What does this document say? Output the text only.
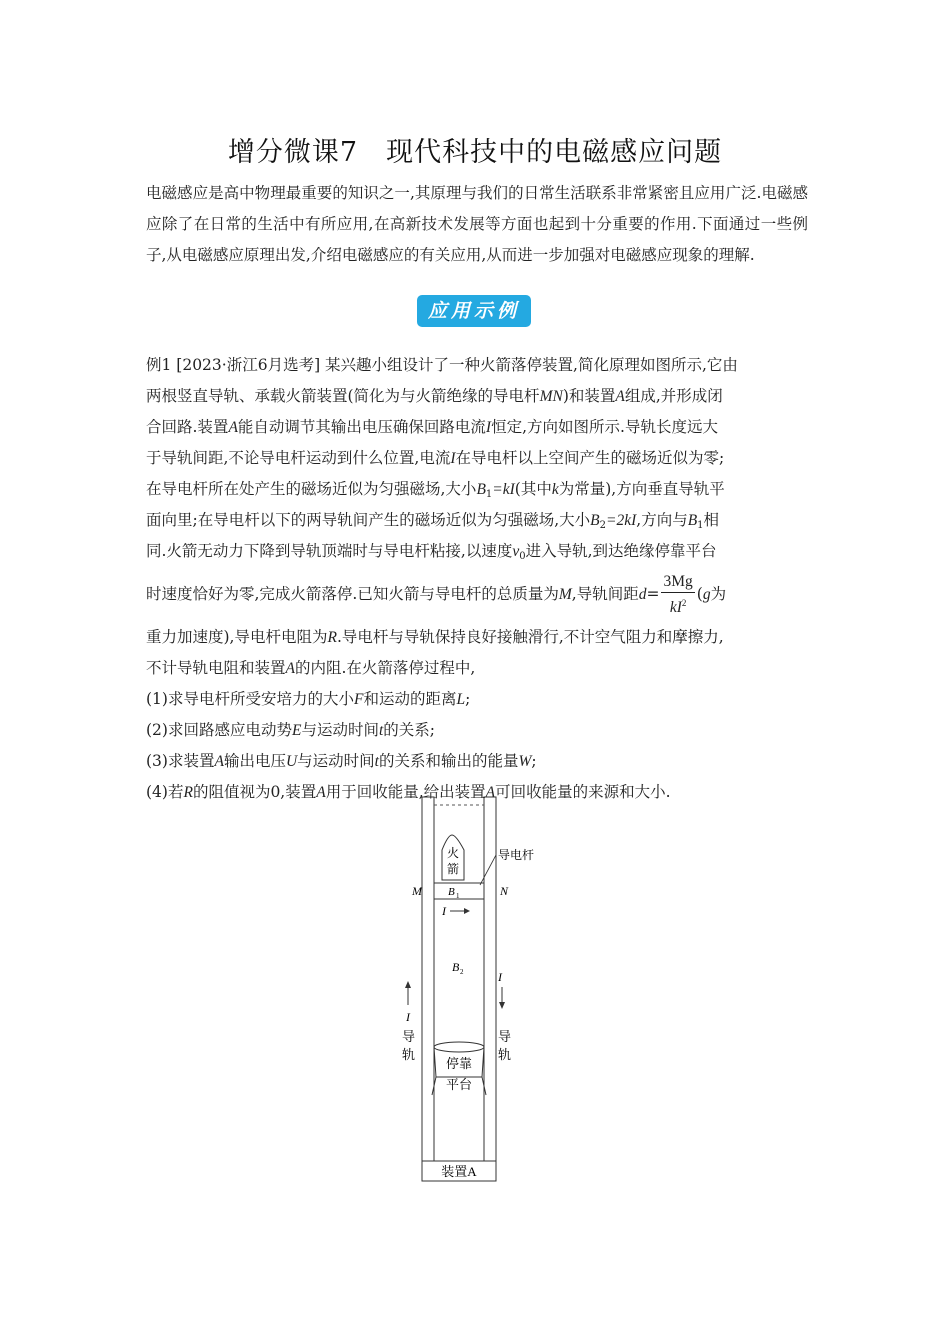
增分微课7　现代科技中的电磁感应问题
电磁感应是高中物理最重要的知识之一,其原理与我们的日常生活联系非常紧密且应用广泛.电磁感应除了在日常的生活中有所应用,在高新技术发展等方面也起到十分重要的作用.下面通过一些例子,从电磁感应原理出发,介绍电磁感应的有关应用,从而进一步加强对电磁感应现象的理解.
应用示例
例1 [2023·浙江6月选考] 某兴趣小组设计了一种火箭落停装置,简化原理如图所示,它由
两根竖直导轨、承载火箭装置(简化为与火箭绝缘的导电杆MN)和装置A组成,并形成闭
合回路.装置A能自动调节其输出电压确保回路电流I恒定,方向如图所示.导轨长度远大
于导轨间距,不论导电杆运动到什么位置,电流I在导电杆以上空间产生的磁场近似为零;
在导电杆所在处产生的磁场近似为匀强磁场,大小$B_1=kI$(其中k为常量),方向垂直导轨平
面向里;在导电杆以下的两导轨间产生的磁场近似为匀强磁场,大小$B_2=2kI$,方向与$B_1$相
同.火箭无动力下降到导轨顶端时与导电杆粘接,以速度$v_0$进入导轨,到达绝缘停靠平台
时速度恰好为零,完成火箭落停.已知火箭与导电杆的总质量为M,导轨间距$d= \frac{3Mg}{kI^2} (g$为
重力加速度),导电杆电阻为R.导电杆与导轨保持良好接触滑行,不计空气阻力和摩擦力,
不计导轨电阻和装置A的内阻.在火箭落停过程中,
(1)求导电杆所受安培力的大小F和运动的距离L;
(2)求回路感应电动势E与运动时间t的关系;
(3)求装置A输出电压U与运动时间t的关系和输出的能量W;
(4)若R的阻值视为0,装置A用于回收能量,给出装置A可回收能量的来源和大小.
火
箭
导电杆
M	N
B 1
I
B 2
I
I
导
轨
导
轨
停靠
平台
装置A
